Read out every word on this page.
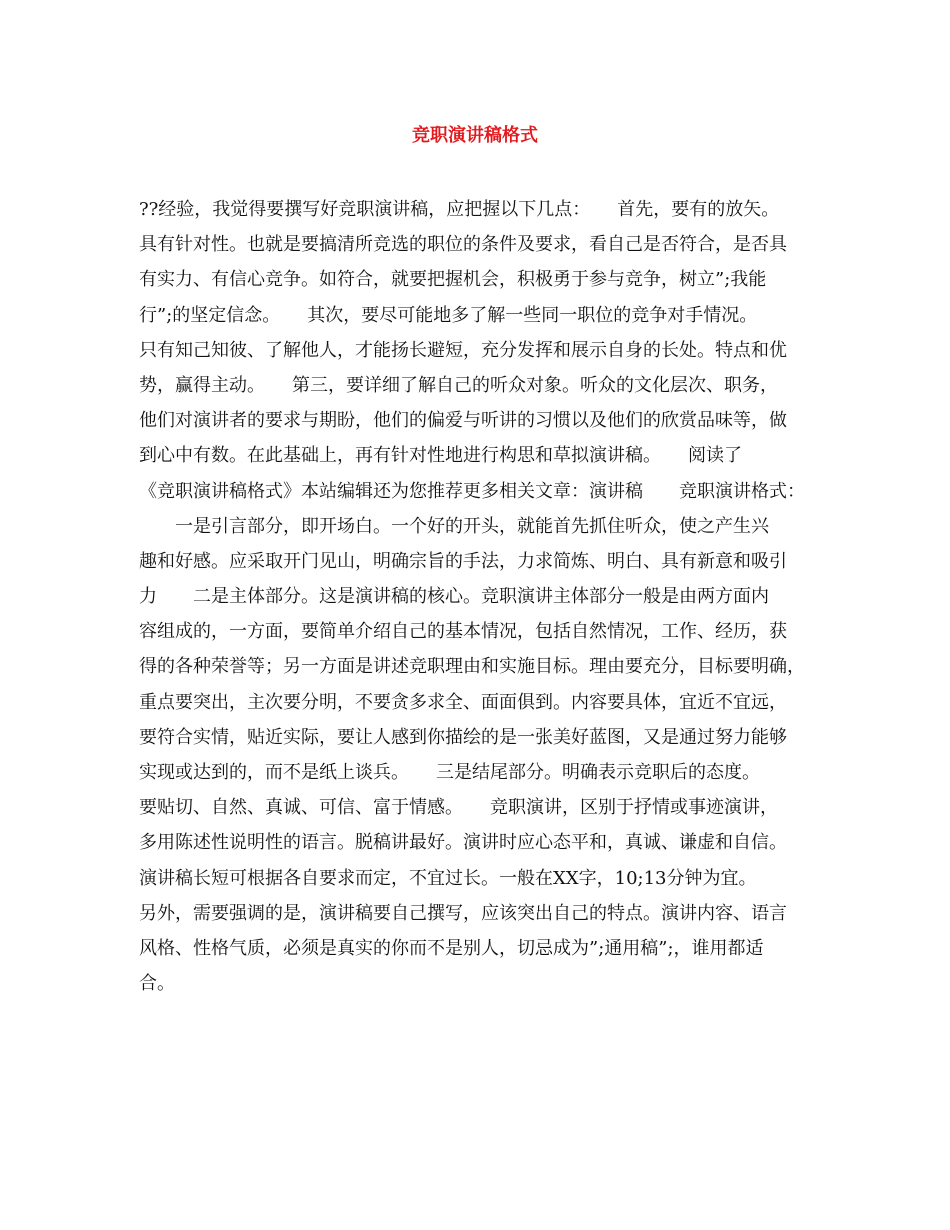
竞职演讲稿格式
??经验，我觉得要撰写好竞职演讲稿，应把握以下几点：　　首先，要有的放矢。
具有针对性。也就是要搞清所竞选的职位的条件及要求，看自己是否符合，是否具
有实力、有信心竞争。如符合，就要把握机会，积极勇于参与竞争，树立”;我能
行”;的坚定信念。　　其次，要尽可能地多了解一些同一职位的竞争对手情况。
只有知己知彼、了解他人，才能扬长避短，充分发挥和展示自身的长处。特点和优
势，赢得主动。　　第三，要详细了解自己的听众对象。听众的文化层次、职务，
他们对演讲者的要求与期盼，他们的偏爱与听讲的习惯以及他们的欣赏品味等，做
到心中有数。在此基础上，再有针对性地进行构思和草拟演讲稿。　　阅读了
《竞职演讲稿格式》本站编辑还为您推荐更多相关文章：演讲稿　　竞职演讲格式：
　　一是引言部分，即开场白。一个好的开头，就能首先抓住听众，使之产生兴
趣和好感。应采取开门见山，明确宗旨的手法，力求简炼、明白、具有新意和吸引
力　　二是主体部分。这是演讲稿的核心。竞职演讲主体部分一般是由两方面内
容组成的，一方面，要简单介绍自己的基本情况，包括自然情况，工作、经历，获
得的各种荣誉等；另一方面是讲述竞职理由和实施目标。理由要充分，目标要明确，
重点要突出，主次要分明，不要贪多求全、面面俱到。内容要具体，宜近不宜远，
要符合实情，贴近实际，要让人感到你描绘的是一张美好蓝图，又是通过努力能够
实现或达到的，而不是纸上谈兵。　　三是结尾部分。明确表示竞职后的态度。
要贴切、自然、真诚、可信、富于情感。　　竞职演讲，区别于抒情或事迹演讲，
多用陈述性说明性的语言。脱稿讲最好。演讲时应心态平和，真诚、谦虚和自信。
演讲稿长短可根据各自要求而定，不宜过长。一般在XX字，10;13分钟为宜。
另外，需要强调的是，演讲稿要自己撰写，应该突出自己的特点。演讲内容、语言
风格、性格气质，必须是真实的你而不是别人，切忌成为”;通用稿”;，谁用都适
合。
